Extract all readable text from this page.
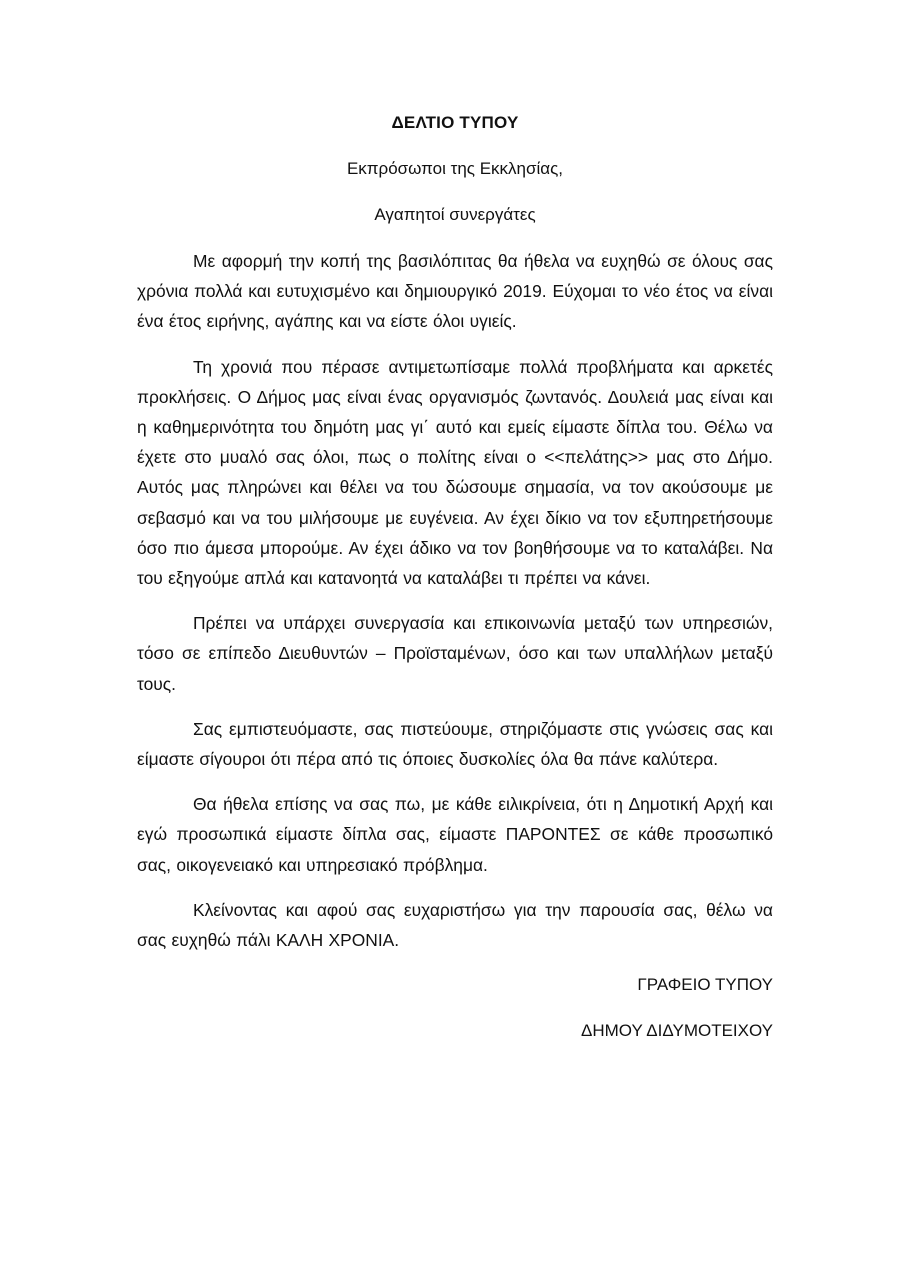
ΔΕΛΤΙΟ ΤΥΠΟΥ
Εκπρόσωποι της Εκκλησίας,
Αγαπητοί συνεργάτες

Με αφορμή την κοπή της βασιλόπιτας θα ήθελα να ευχηθώ σε όλους σας χρόνια πολλά και ευτυχισμένο και δημιουργικό 2019. Εύχομαι το νέο έτος να είναι ένα έτος ειρήνης, αγάπης και να είστε όλοι υγιείς.

Τη χρονιά που πέρασε αντιμετωπίσαμε πολλά προβλήματα και αρκετές προκλήσεις. Ο Δήμος μας είναι ένας οργανισμός ζωντανός. Δουλειά μας είναι και η καθημερινότητα του δημότη μας γι΄ αυτό και εμείς είμαστε δίπλα του. Θέλω να έχετε στο μυαλό σας όλοι, πως ο πολίτης είναι ο <<πελάτης>> μας στο Δήμο. Αυτός μας πληρώνει και θέλει να του δώσουμε σημασία, να τον ακούσουμε με σεβασμό και να του μιλήσουμε με ευγένεια. Αν έχει δίκιο να τον εξυπηρετήσουμε όσο πιο άμεσα μπορούμε. Αν έχει άδικο να τον βοηθήσουμε να το καταλάβει. Να του εξηγούμε απλά και κατανοητά να καταλάβει τι πρέπει να κάνει.

Πρέπει να υπάρχει συνεργασία και επικοινωνία μεταξύ των υπηρεσιών, τόσο σε επίπεδο Διευθυντών – Προϊσταμένων, όσο και των υπαλλήλων μεταξύ τους.

Σας εμπιστευόμαστε, σας πιστεύουμε, στηριζόμαστε στις γνώσεις σας και είμαστε σίγουροι ότι πέρα από τις όποιες δυσκολίες όλα θα πάνε καλύτερα.

Θα ήθελα επίσης να σας πω, με κάθε ειλικρίνεια, ότι η Δημοτική Αρχή και εγώ προσωπικά είμαστε δίπλα σας, είμαστε ΠΑΡΟΝΤΕΣ σε κάθε προσωπικό σας, οικογενειακό και υπηρεσιακό πρόβλημα.

Κλείνοντας και αφού σας ευχαριστήσω για την παρουσία σας, θέλω να σας ευχηθώ πάλι ΚΑΛΗ ΧΡΟΝΙΑ.

ΓΡΑΦΕΙΟ ΤΥΠΟΥ
ΔΗΜΟΥ ΔΙΔΥΜΟΤΕΙΧΟΥ
